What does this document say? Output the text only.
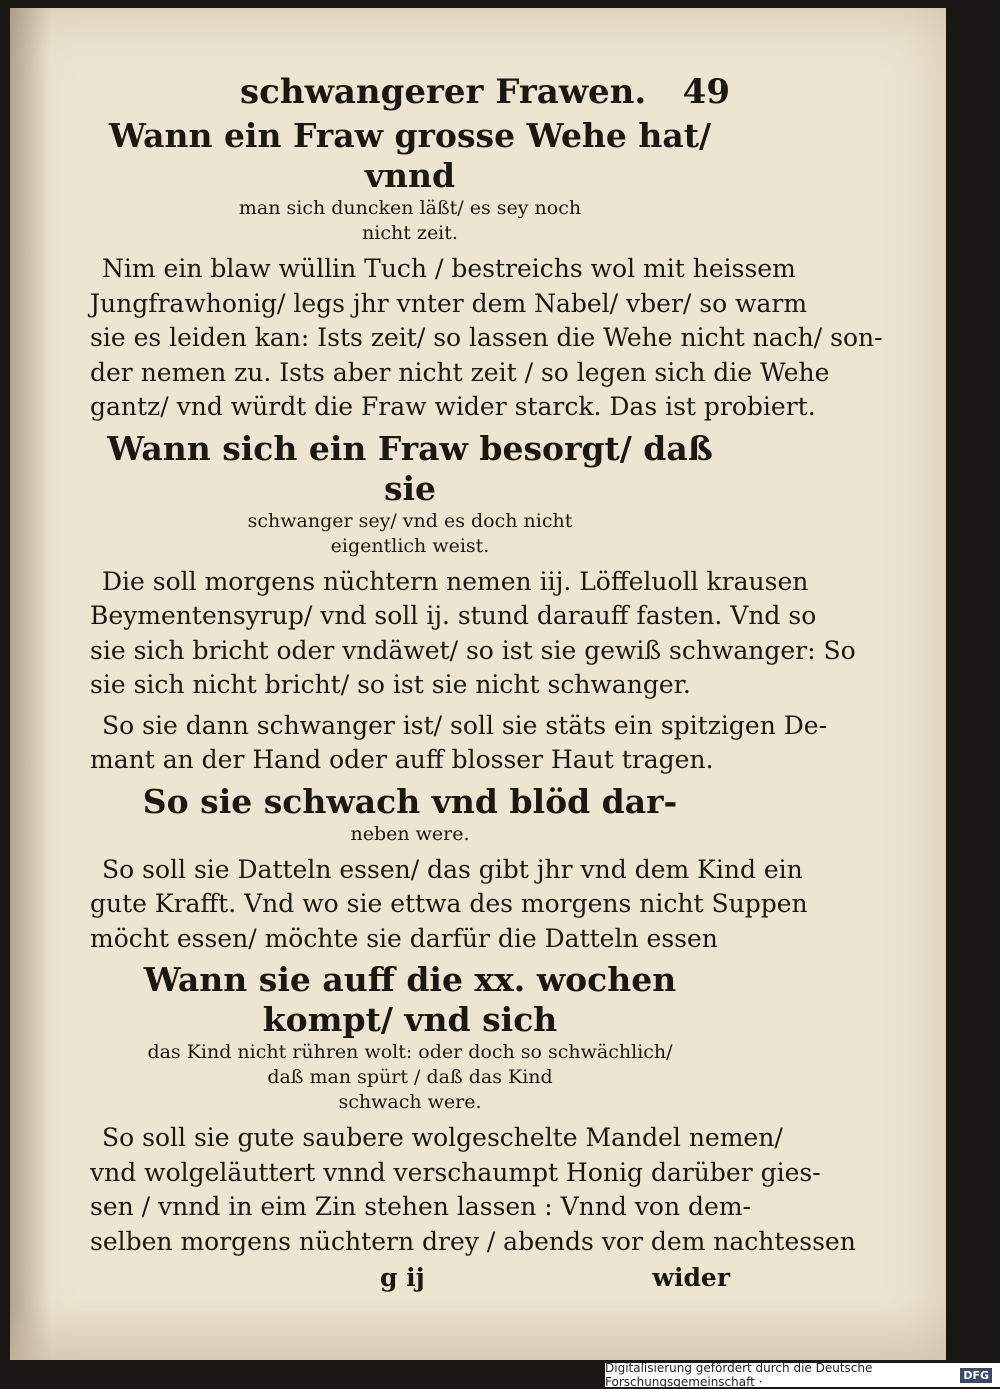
schwangerer Frawen. 49
Wann ein Fraw grosse Wehe hat/ vnnd
man sich duncken läßt/ es sey noch
nicht zeit.
Nim ein blaw wüllin Tuch / bestreichs wol mit heissem
Jungfrawhonig/ legs jhr vnter dem Nabel/ vber/ so warm
sie es leiden kan: Ists zeit/ so lassen die Wehe nicht nach/ son-
der nemen zu. Ists aber nicht zeit / so legen sich die Wehe
gantz/ vnd würdt die Fraw wider starck. Das ist probiert.
Wann sich ein Fraw besorgt/ daß sie
schwanger sey/ vnd es doch nicht
eigentlich weist.
Die soll morgens nüchtern nemen iij. Löffeluoll krausen
Beymentensyrup/ vnd soll ij. stund darauff fasten. Vnd so
sie sich bricht oder vndäwet/ so ist sie gewiß schwanger: So
sie sich nicht bricht/ so ist sie nicht schwanger.
So sie dann schwanger ist/ soll sie stäts ein spitzigen De-
mant an der Hand oder auff blosser Haut tragen.
So sie schwach vnd blöd dar-
neben were.
So soll sie Datteln essen/ das gibt jhr vnd dem Kind ein
gute Krafft. Vnd wo sie ettwa des morgens nicht Suppen
möcht essen/ möchte sie darfür die Datteln essen
Wann sie auff die xx. wochen kompt/ vnd sich
das Kind nicht rühren wolt: oder doch so schwächlich/
daß man spürt / daß das Kind
schwach were.
So soll sie gute saubere wolgeschelte Mandel nemen/
vnd wolgeläuttert vnnd verschaumpt Honig darüber gies-
sen / vnnd in eim Zin stehen lassen : Vnnd von dem-
selben morgens nüchtern drey / abends vor dem nachtessen
g ij	wider
Digitalisierung gefördert durch die Deutsche Forschungsgemeinschaft ·	DFG
